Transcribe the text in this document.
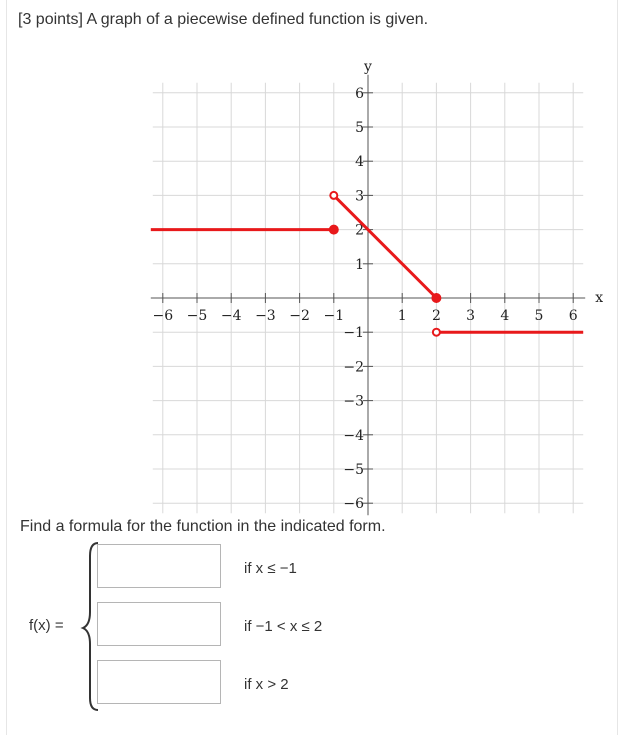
[3 points] A graph of a piecewise defined function is given.
y
x
−6 −5 −4 −3 −2 −1	1 2 3 4 5 6
1
2
3
4
5
6
−1
−2
−3
−4
−5
−6
Find a formula for the function in the indicated form.
f(x) =
if x ≤ −1
if −1 < x ≤ 2
if x > 2
